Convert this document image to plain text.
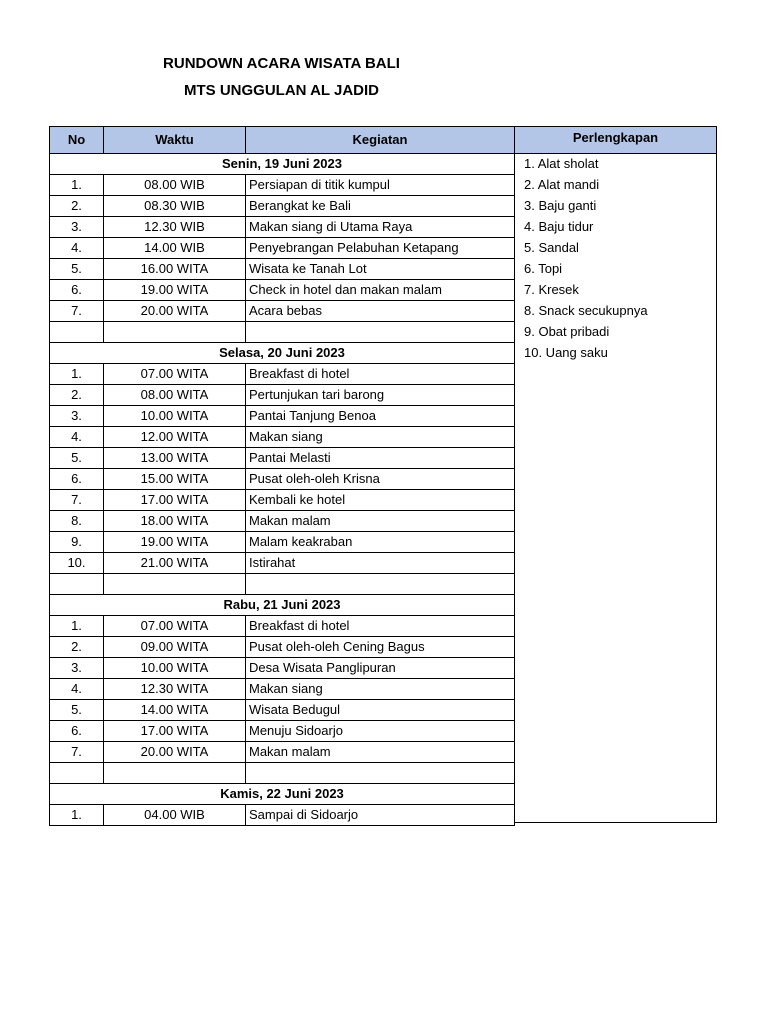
RUNDOWN ACARA WISATA BALI
MTS UNGGULAN AL JADID
No	Waktu	Kegiatan
Senin, 19 Juni 2023		
1.	08.00 WIB	Persiapan di titik kumpul
2.	08.30 WIB	Berangkat ke Bali
3.	12.30 WIB	Makan siang di Utama Raya
4.	14.00 WIB	Penyebrangan Pelabuhan Ketapang
5.	16.00 WITA	Wisata ke Tanah Lot
6.	19.00 WITA	Check in hotel dan makan malam
7.	20.00 WITA	Acara bebas

Selasa, 20 Juni 2023		
1.	07.00 WITA	Breakfast di hotel
2.	08.00 WITA	Pertunjukan tari barong
3.	10.00 WITA	Pantai Tanjung Benoa
4.	12.00 WITA	Makan siang
5.	13.00 WITA	Pantai Melasti
6.	15.00 WITA	Pusat oleh-oleh Krisna
7.	17.00 WITA	Kembali ke hotel
8.	18.00 WITA	Makan malam
9.	19.00 WITA	Malam keakraban
10.	21.00 WITA	Istirahat

Rabu, 21 Juni 2023		
1.	07.00 WITA	Breakfast di hotel
2.	09.00 WITA	Pusat oleh-oleh Cening Bagus
3.	10.00 WITA	Desa Wisata Panglipuran
4.	12.30 WITA	Makan siang
5.	14.00 WITA	Wisata Bedugul
6.	17.00 WITA	Menuju Sidoarjo
7.	20.00 WITA	Makan malam

Kamis, 22 Juni 2023		
1.	04.00 WIB	Sampai di Sidoarjo
Perlengkapan
1. Alat sholat
2. Alat mandi
3. Baju ganti
4. Baju tidur
5. Sandal
6. Topi
7. Kresek
8. Snack secukupnya
9. Obat pribadi
10. Uang saku
